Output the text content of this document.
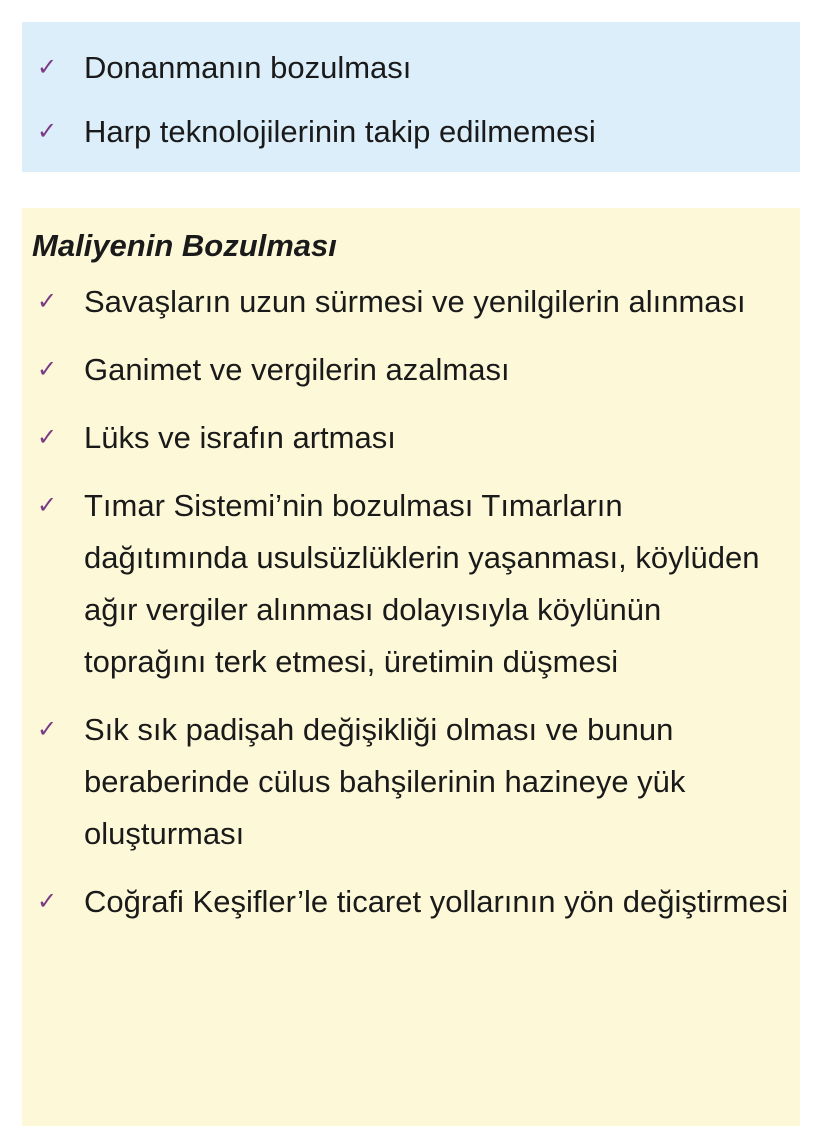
✓ Donanmanın bozulması
✓ Harp teknolojilerinin takip edilmemesi
Maliyenin Bozulması
✓ Savaşların uzun sürmesi ve yenilgilerin alınması
✓ Ganimet ve vergilerin azalması
✓ Lüks ve israfın artması
✓ Tımar Sistemi’nin bozulması Tımarların dağıtımında usulsüzlüklerin yaşanması, köylüden ağır vergiler alınması dolayısıyla köylünün toprağını terk etmesi, üretimin düşmesi
✓ Sık sık padişah değişikliği olması ve bunun beraberinde cülus bahşilerinin hazineye yük oluşturması
✓ Coğrafi Keşifler’le ticaret yollarının yön değiştirmesi
